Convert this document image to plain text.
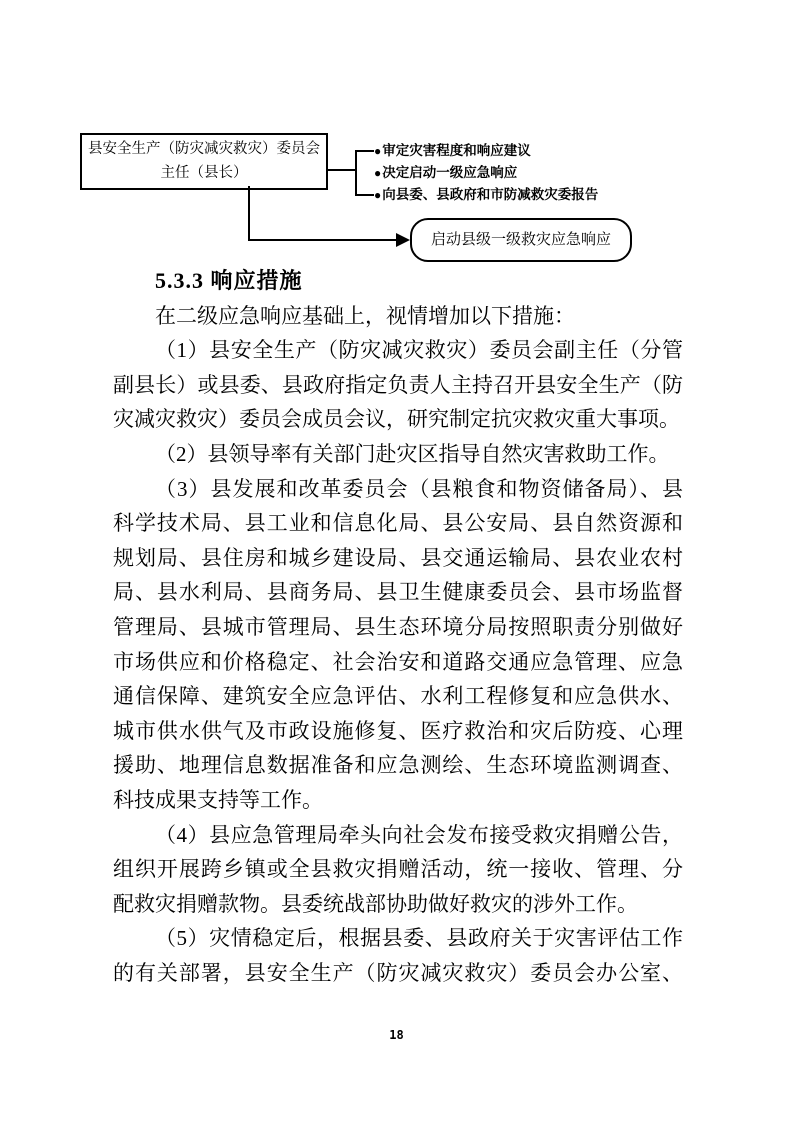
县安全生产（防灾减灾救灾）委员会
主任（县长）
●审定灾害程度和响应建议
●决定启动一级应急响应
●向县委、县政府和市防减救灾委报告
启动县级一级救灾应急响应
5.3.3 响应措施
在二级应急响应基础上，视情增加以下措施：
（1）县安全生产（防灾减灾救灾）委员会副主任（分管
副县长）或县委、县政府指定负责人主持召开县安全生产（防
灾减灾救灾）委员会成员会议，研究制定抗灾救灾重大事项。
（2）县领导率有关部门赴灾区指导自然灾害救助工作。
（3）县发展和改革委员会（县粮食和物资储备局）、县
科学技术局、县工业和信息化局、县公安局、县自然资源和
规划局、县住房和城乡建设局、县交通运输局、县农业农村
局、县水利局、县商务局、县卫生健康委员会、县市场监督
管理局、县城市管理局、县生态环境分局按照职责分别做好
市场供应和价格稳定、社会治安和道路交通应急管理、应急
通信保障、建筑安全应急评估、水利工程修复和应急供水、
城市供水供气及市政设施修复、医疗救治和灾后防疫、心理
援助、地理信息数据准备和应急测绘、生态环境监测调查、
科技成果支持等工作。
（4）县应急管理局牵头向社会发布接受救灾捐赠公告，
组织开展跨乡镇或全县救灾捐赠活动，统一接收、管理、分
配救灾捐赠款物。县委统战部协助做好救灾的涉外工作。
（5）灾情稳定后，根据县委、县政府关于灾害评估工作
的有关部署，县安全生产（防灾减灾救灾）委员会办公室、
18
